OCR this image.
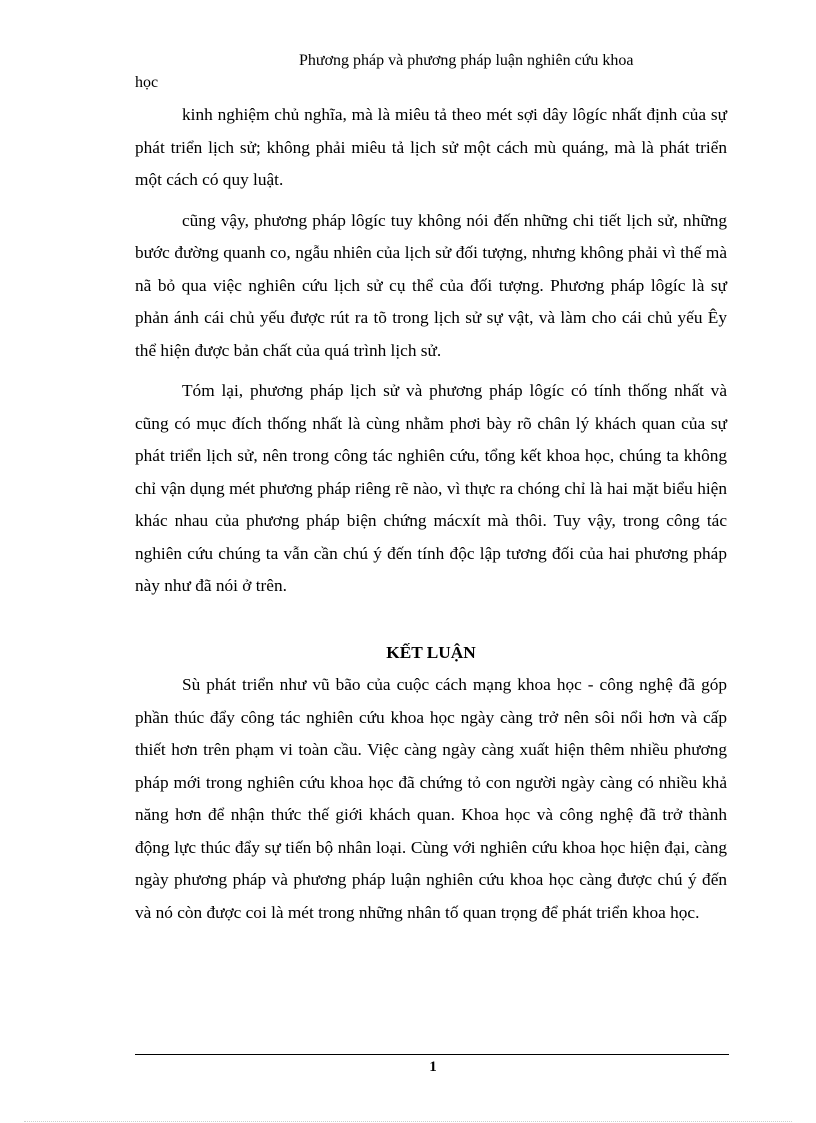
Phương pháp và phương pháp luận nghiên cứu khoa
học

kinh nghiệm chủ nghĩa, mà là miêu tả theo mét sợi dây lôgíc nhất định của sự phát triển lịch sử; không phải miêu tả lịch sử một cách mù quáng, mà là phát triển một cách có quy luật.

cũng vậy, phương pháp lôgíc tuy không nói đến những chi tiết lịch sử, những bước đường quanh co, ngẫu nhiên của lịch sử đối tượng, nhưng không phải vì thế mà nã bỏ qua việc nghiên cứu lịch sử cụ thể của đối tượng. Phương pháp lôgíc là sự phản ánh cái chủ yếu được rút ra tõ trong lịch sử sự vật, và làm cho cái chủ yếu Êy thể hiện được bản chất của quá trình lịch sử.

Tóm lại, phương pháp lịch sử và phương pháp lôgíc có tính thống nhất và cũng có mục đích thống nhất là cùng nhằm phơi bày rõ chân lý khách quan của sự phát triển lịch sử, nên trong công tác nghiên cứu, tổng kết khoa học, chúng ta không chỉ vận dụng mét phương pháp riêng rẽ nào, vì thực ra chóng chỉ là hai mặt biểu hiện khác nhau của phương pháp biện chứng mácxít mà thôi. Tuy vậy, trong công tác nghiên cứu chúng ta vẫn cần chú ý đến tính độc lập tương đối của hai phương pháp này như đã nói ở trên.

KẾT LUẬN

Sù phát triển như vũ bão của cuộc cách mạng khoa học - công nghệ đã góp phần thúc đẩy công tác nghiên cứu khoa học ngày càng trở nên sôi nổi hơn và cấp thiết hơn trên phạm vi toàn cầu. Việc càng ngày càng xuất hiện thêm nhiều phương pháp mới trong nghiên cứu khoa học đã chứng tỏ con người ngày càng có nhiều khả năng hơn để nhận thức thế giới khách quan. Khoa học và công nghệ đã trở thành động lực thúc đẩy sự tiến bộ nhân loại. Cùng với nghiên cứu khoa học hiện đại, càng ngày phương pháp và phương pháp luận nghiên cứu khoa học càng được chú ý đến và nó còn được coi là mét trong những nhân tố quan trọng để phát triển khoa học.

1
